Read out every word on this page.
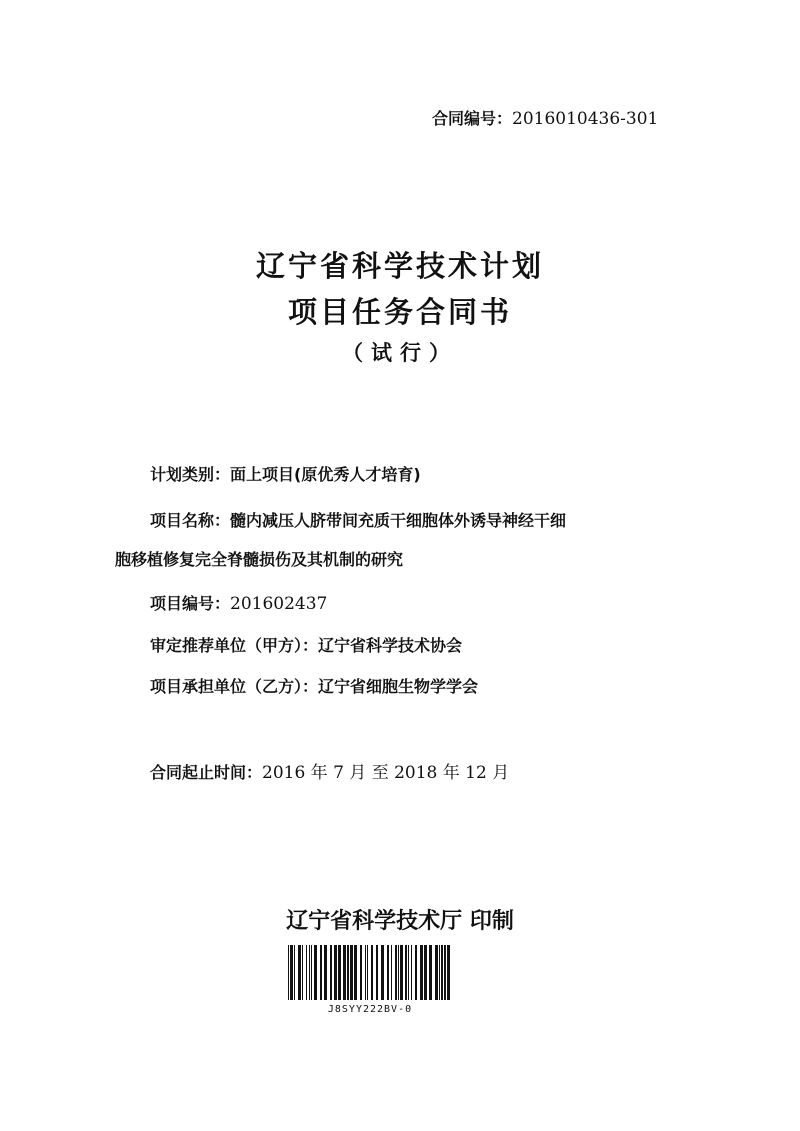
合同编号：2016010436-301
辽宁省科学技术计划
项目任务合同书
（试行）
计划类别：面上项目(原优秀人才培育)
项目名称：髓内减压人脐带间充质干细胞体外诱导神经干细
胞移植修复完全脊髓损伤及其机制的研究
项目编号：201602437
审定推荐单位（甲方）：辽宁省科学技术协会
项目承担单位（乙方）：辽宁省细胞生物学学会
合同起止时间：2016 年 7 月 至 2018 年 12 月
辽宁省科学技术厅 印制
J8SYY222BV-0
